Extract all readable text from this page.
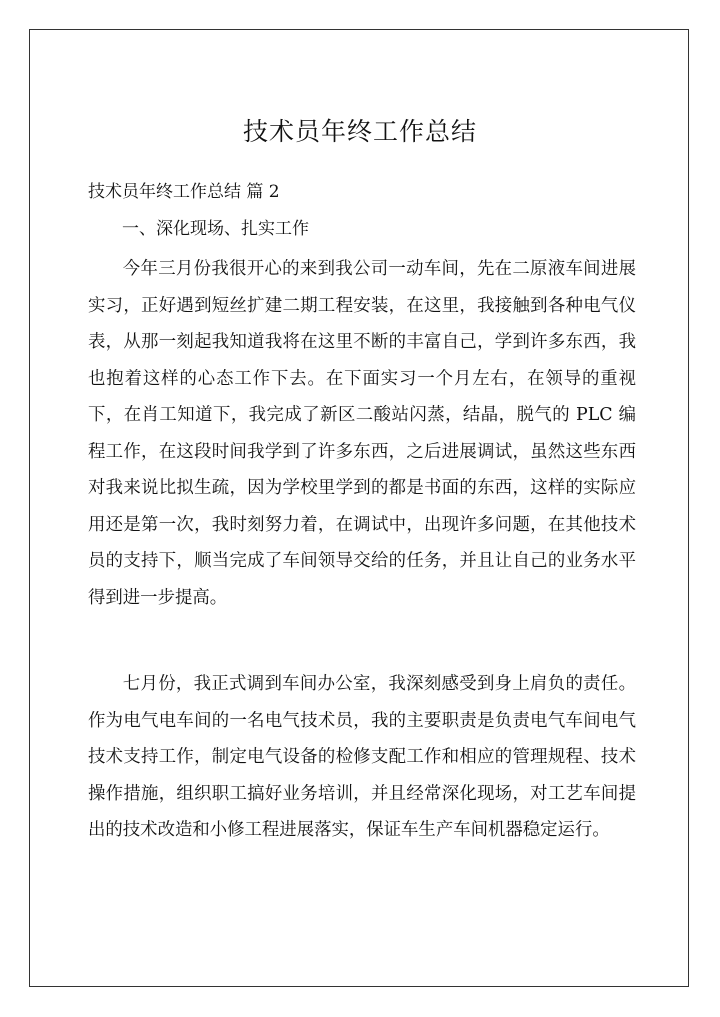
技术员年终工作总结
技术员年终工作总结 篇 2
一、深化现场、扎实工作

今年三月份我很开心的来到我公司一动车间，先在二原液车间进展实习，正好遇到短丝扩建二期工程安装，在这里，我接触到各种电气仪表，从那一刻起我知道我将在这里不断的丰富自己，学到许多东西，我也抱着这样的心态工作下去。在下面实习一个月左右，在领导的重视下，在肖工知道下，我完成了新区二酸站闪蒸，结晶，脱气的 PLC 编程工作，在这段时间我学到了许多东西，之后进展调试，虽然这些东西对我来说比拟生疏，因为学校里学到的都是书面的东西，这样的实际应用还是第一次，我时刻努力着，在调试中，出现许多问题，在其他技术员的支持下，顺当完成了车间领导交给的任务，并且让自己的业务水平得到进一步提高。

七月份，我正式调到车间办公室，我深刻感受到身上肩负的责任。作为电气电车间的一名电气技术员，我的主要职责是负责电气车间电气技术支持工作，制定电气设备的检修支配工作和相应的管理规程、技术操作措施，组织职工搞好业务培训，并且经常深化现场，对工艺车间提出的技术改造和小修工程进展落实，保证车生产车间机器稳定运行。
